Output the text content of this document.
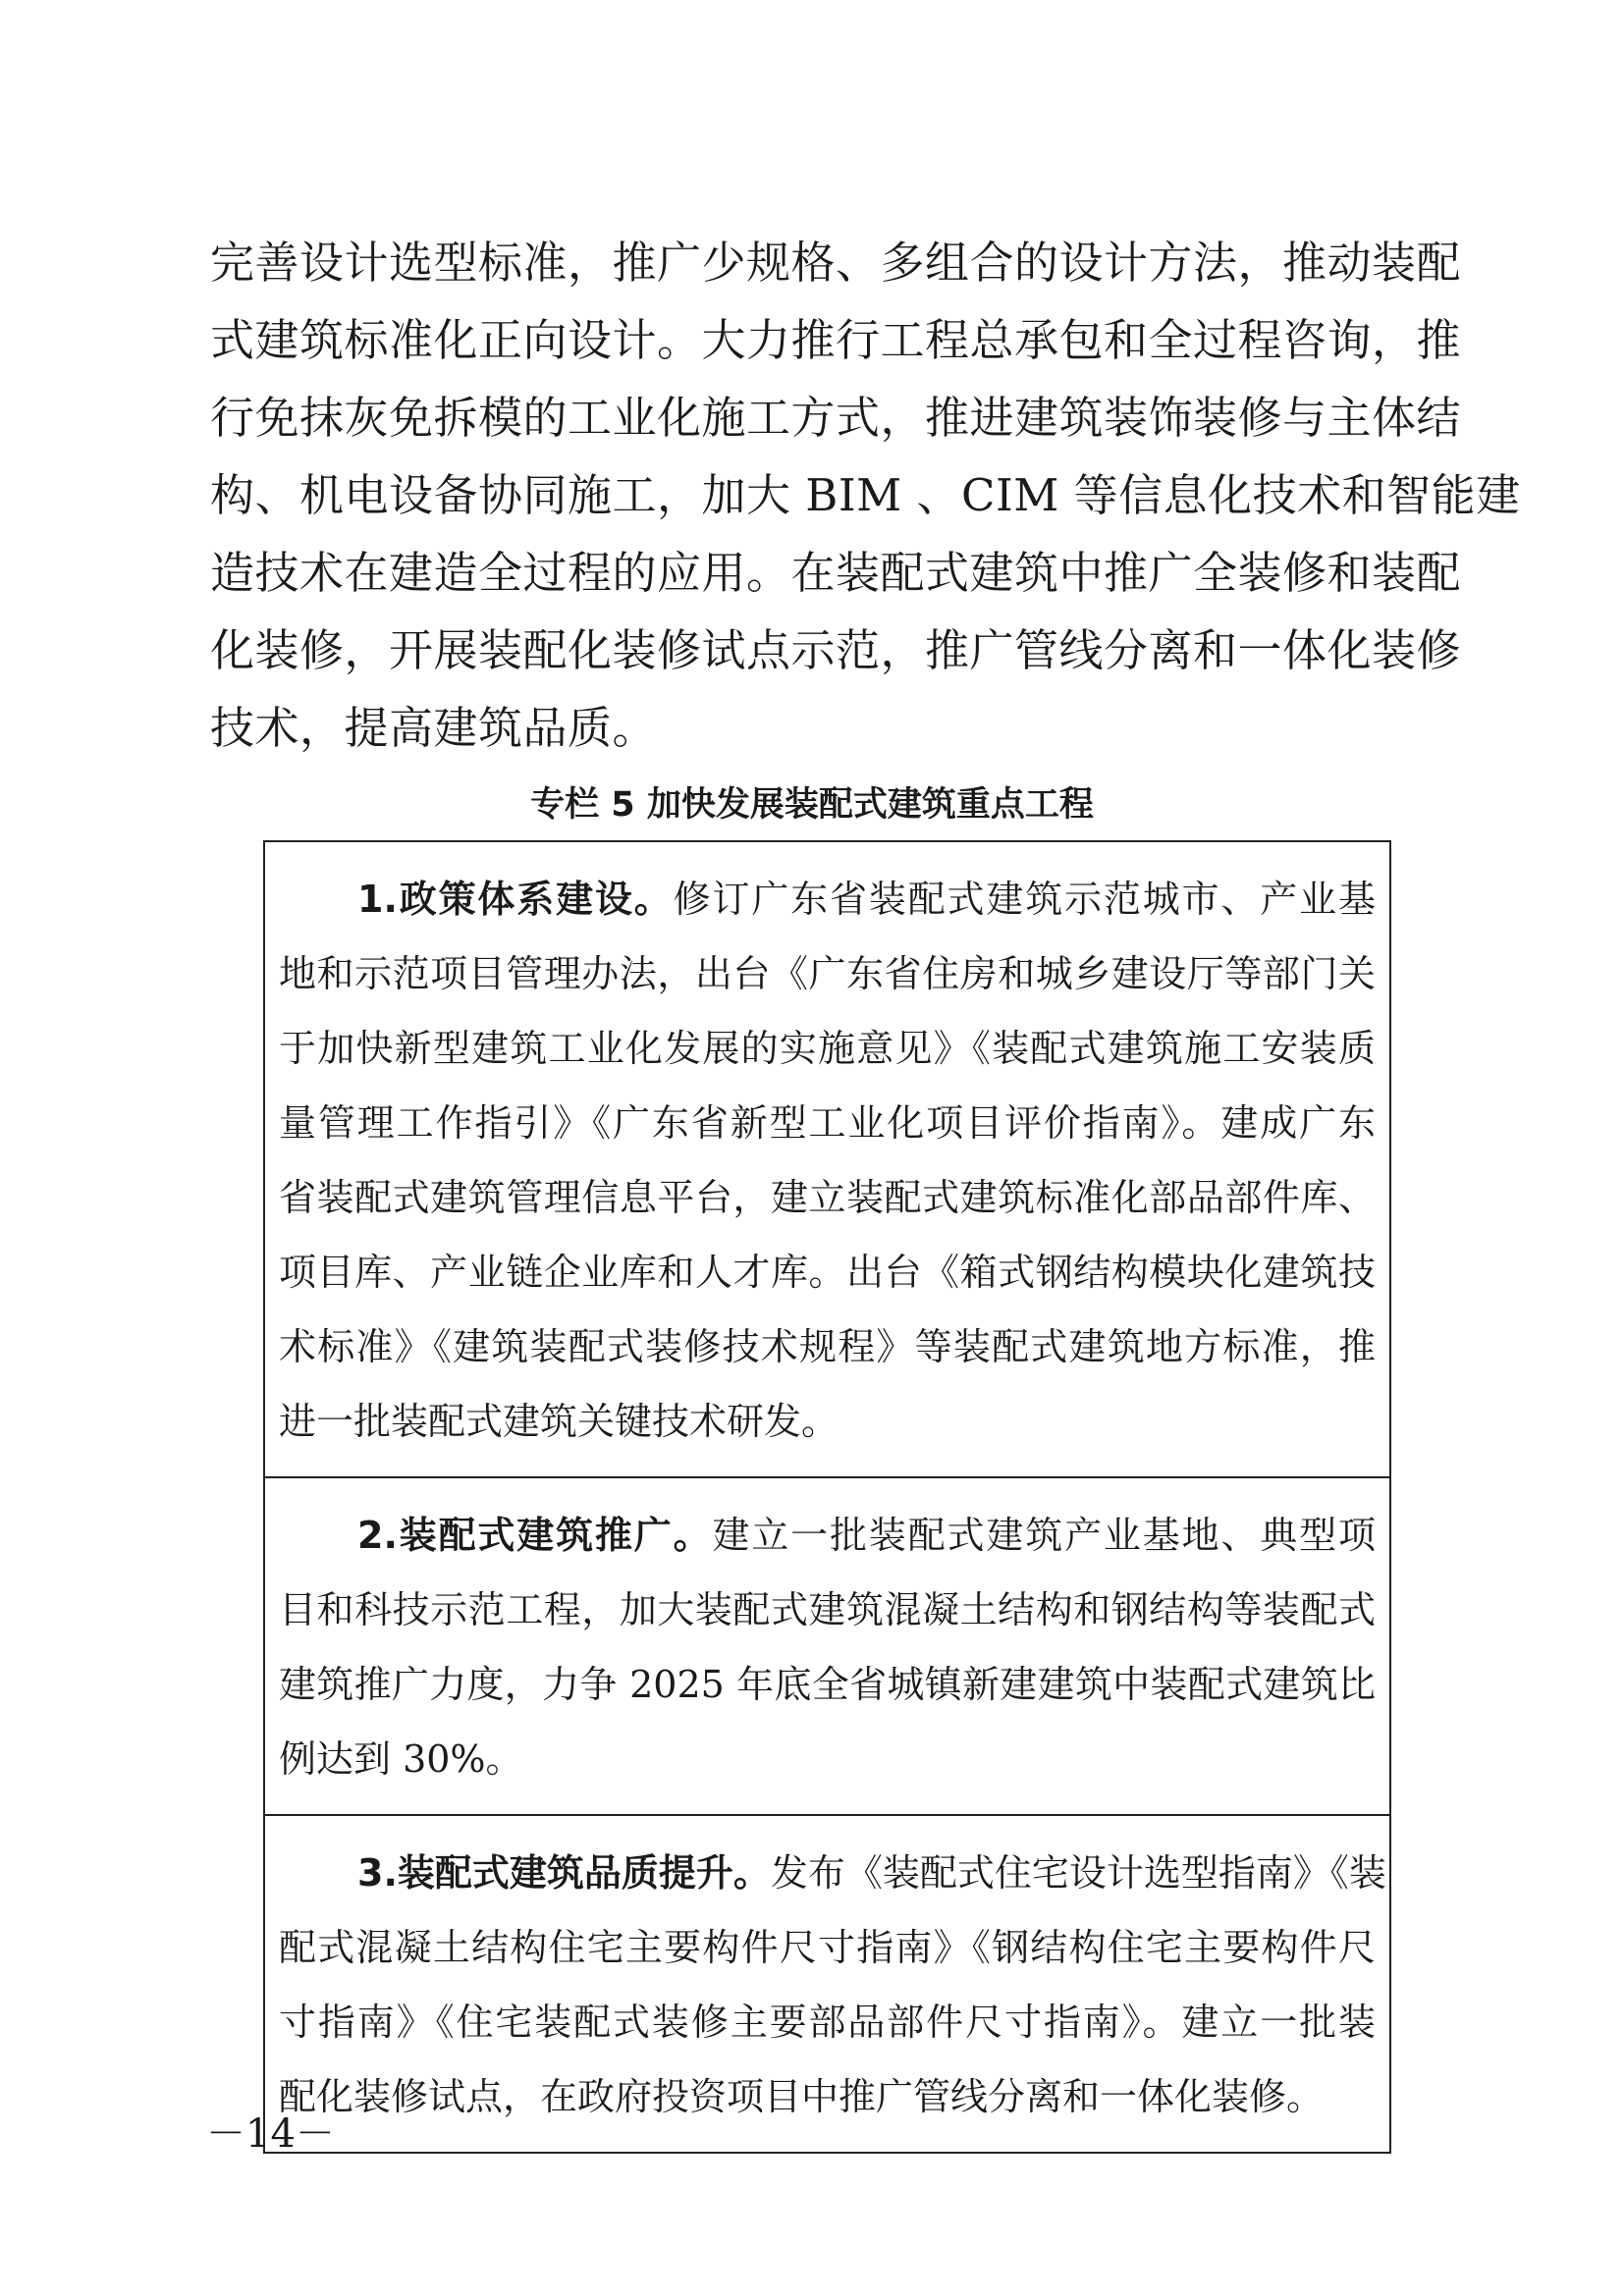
完善设计选型标准，推广少规格、多组合的设计方法，推动装配
式建筑标准化正向设计。大力推行工程总承包和全过程咨询，推
行免抹灰免拆模的工业化施工方式，推进建筑装饰装修与主体结
构、机电设备协同施工，加大 BIM 、CIM 等信息化技术和智能建
造技术在建造全过程的应用。在装配式建筑中推广全装修和装配
化装修，开展装配化装修试点示范，推广管线分离和一体化装修
技术，提高建筑品质。
专栏 5 加快发展装配式建筑重点工程
1.政策体系建设。修订广东省装配式建筑示范城市、产业基
地和示范项目管理办法，出台《广东省住房和城乡建设厅等部门关
于加快新型建筑工业化发展的实施意见》《装配式建筑施工安装质
量管理工作指引》《广东省新型工业化项目评价指南》。建成广东
省装配式建筑管理信息平台，建立装配式建筑标准化部品部件库、
项目库、产业链企业库和人才库。出台《箱式钢结构模块化建筑技
术标准》《建筑装配式装修技术规程》等装配式建筑地方标准，推
进一批装配式建筑关键技术研发。
2.装配式建筑推广。建立一批装配式建筑产业基地、典型项
目和科技示范工程，加大装配式建筑混凝土结构和钢结构等装配式
建筑推广力度，力争 2025 年底全省城镇新建建筑中装配式建筑比
例达到 30%。
3.装配式建筑品质提升。发布《装配式住宅设计选型指南》《装
配式混凝土结构住宅主要构件尺寸指南》《钢结构住宅主要构件尺
寸指南》《住宅装配式装修主要部品部件尺寸指南》。建立一批装
配化装修试点，在政府投资项目中推广管线分离和一体化装修。
－14－
